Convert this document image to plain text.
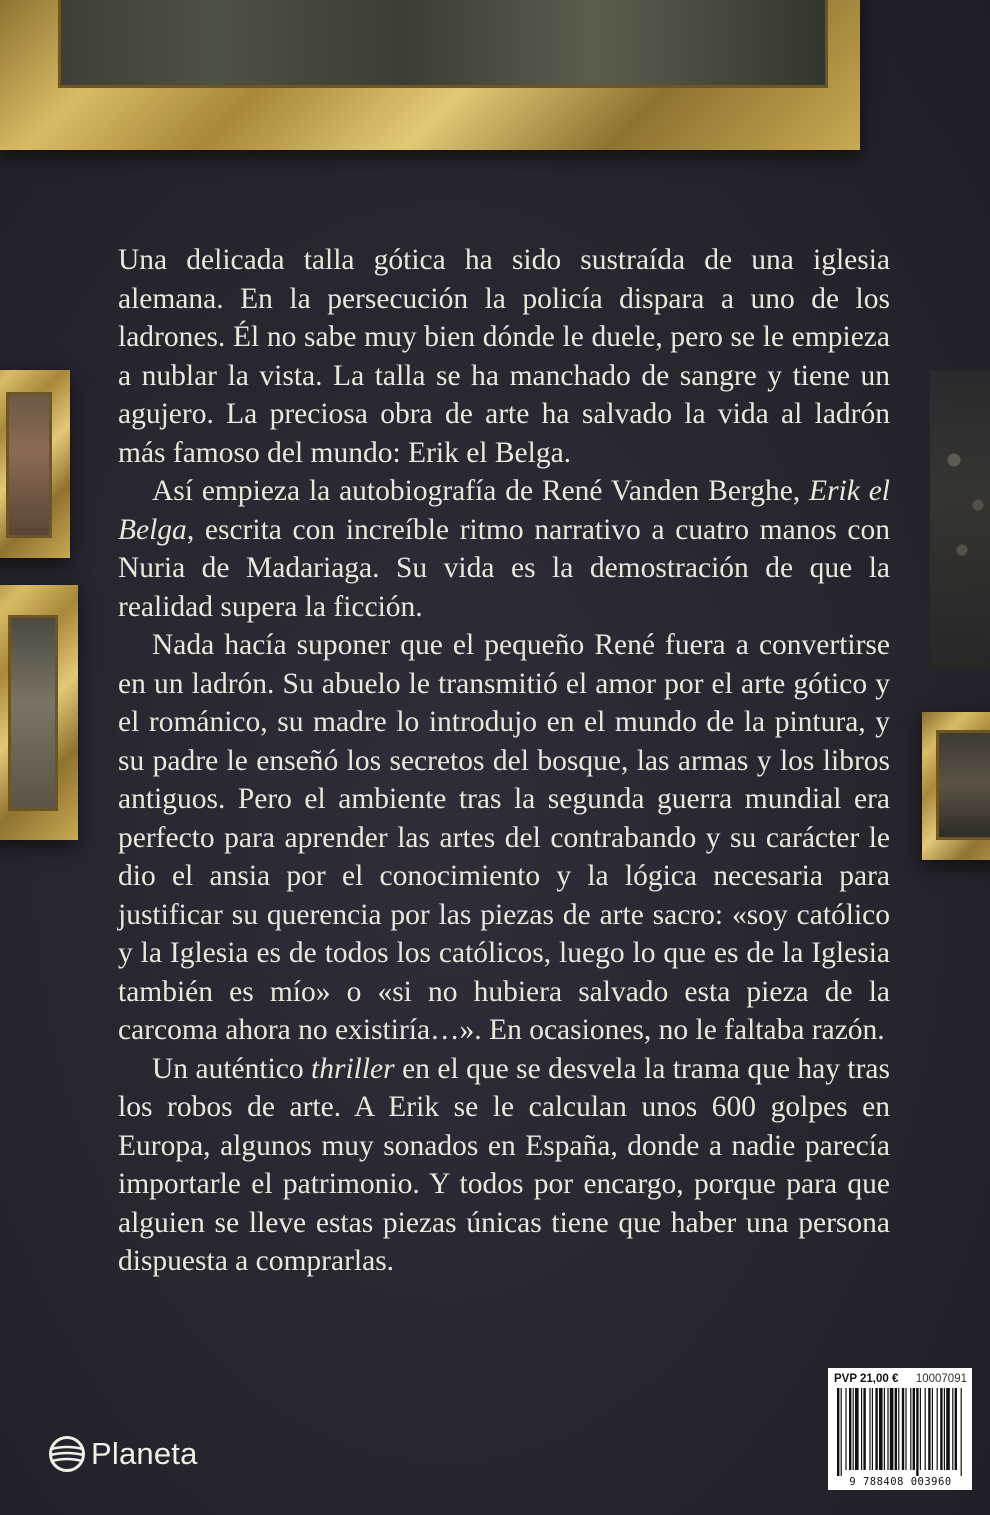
Una delicada talla gótica ha sido sustraída de una iglesia alemana. En la persecución la policía dispara a uno de los ladrones. Él no sabe muy bien dónde le duele, pero se le empieza a nublar la vista. La talla se ha manchado de sangre y tiene un agujero. La preciosa obra de arte ha salvado la vida al ladrón más famoso del mundo: Erik el Belga.

Así empieza la autobiografía de René Vanden Berghe, Erik el Belga, escrita con increíble ritmo narrativo a cuatro manos con Nuria de Madariaga. Su vida es la demostración de que la realidad supera la ficción.

Nada hacía suponer que el pequeño René fuera a convertirse en un ladrón. Su abuelo le transmitió el amor por el arte gótico y el románico, su madre lo introdujo en el mundo de la pintura, y su padre le enseñó los secretos del bosque, las armas y los libros antiguos. Pero el ambiente tras la segunda guerra mundial era perfecto para aprender las artes del contrabando y su carácter le dio el ansia por el conocimiento y la lógica necesaria para justificar su querencia por las piezas de arte sacro: «soy católico y la Iglesia es de todos los católicos, luego lo que es de la Iglesia también es mío» o «si no hubiera salvado esta pieza de la carcoma ahora no existiría…». En ocasiones, no le faltaba razón.

Un auténtico thriller en el que se desvela la trama que hay tras los robos de arte. A Erik se le calculan unos 600 golpes en Europa, algunos muy sonados en España, donde a nadie parecía importarle el patrimonio. Y todos por encargo, porque para que alguien se lleve estas piezas únicas tiene que haber una persona dispuesta a comprarlas.

Planeta
PVP 21,00 € 10007091
9 788408 003960
